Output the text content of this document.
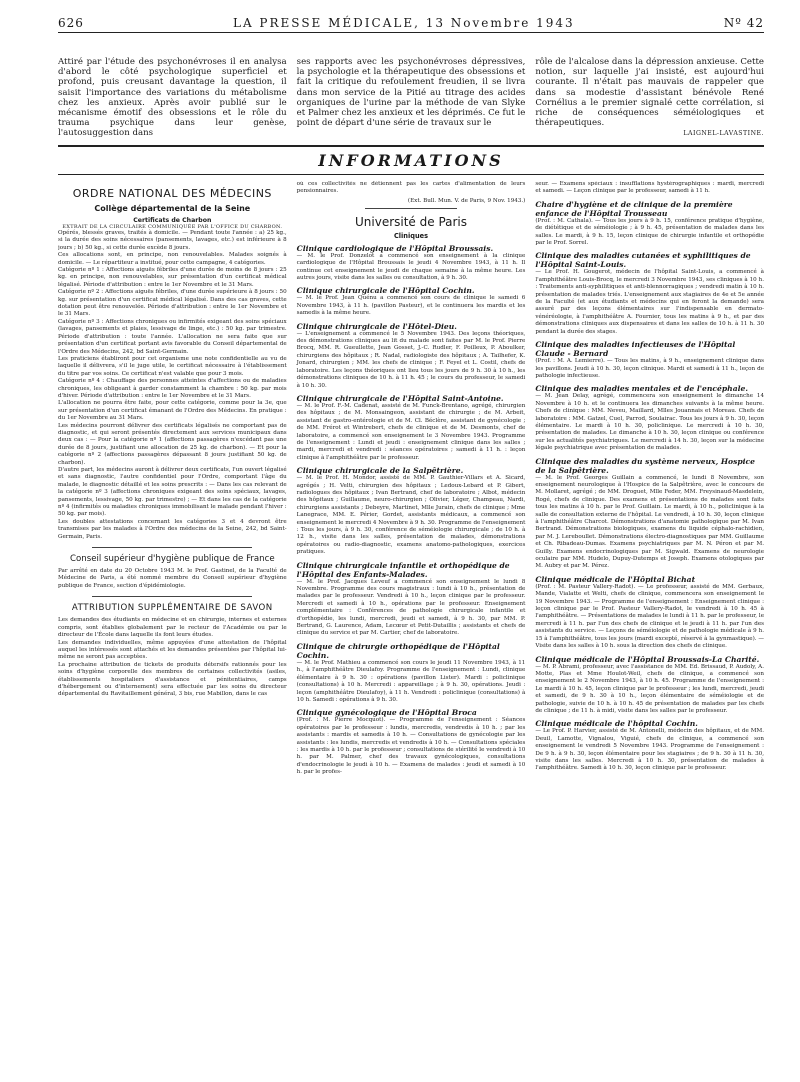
626	LA PRESSE MÉDICALE, 13 Novembre 1943	Nº 42

Attiré par l'étude des psychonévroses il en analysa d'abord le côté psychologique superficiel et profond, puis creusant davantage la question, il saisit l'importance des variations du métabolisme chez les anxieux. Après avoir publié sur le mécanisme émotif des obsessions et le rôle du trauma psychique dans leur genèse, l'autosuggestion dans

ses rapports avec les psychonévroses dépressives, la psychologie et la thérapeutique des obsessions et fait la critique du refoulement freudien, il se livra dans mon service de la Pitié au titrage des acides organiques de l'urine par la méthode de van Slyke et Palmer chez les anxieux et les déprimés. Ce fut le point de départ d'une série de travaux sur le

rôle de l'alcalose dans la dépression anxieuse. Cette notion, sur laquelle j'ai insisté, est aujourd'hui courante. Il n'était pas mauvais de rappeler que dans sa modestie d'assistant bénévole René Cornélius a le premier signalé cette corrélation, si riche de conséquences séméiologiques et thérapeutiques.

LAIGNEL-LAVASTINE.
INFORMATIONS
ORDRE NATIONAL DES MÉDECINS
Collège départemental de la Seine
Certificats de Charbon
EXTRAIT DE LA CIRCULAIRE COMMUNIQUÉE PAR L'OFFICE DU CHARBON.

Opérés, blessés graves, traités à domicile. — Pendant toute l'année : a) 25 kg., si la durée des soins nécessaires (pansements, lavages, etc.) est inférieure à 8 jours ; b) 50 kg., si cette durée excède 8 jours.

Ces allocations sont, en principe, non renouvelables. Malades soignés à domicile. — Le répartiteur a institué, pour cette campagne, 4 catégories.

Catégorie nº 1 : Affections aiguës fébriles d'une durée de moins de 8 jours : 25 kg. en principe, non renouvelables, sur présentation d'un certificat médical légalisé. Période d'attribution : entre le 1er Novembre et le 31 Mars.

Catégorie nº 2 : Affections aiguës fébriles, d'une durée supérieure à 8 jours : 50 kg. sur présentation d'un certificat médical légalisé. Dans des cas graves, cette dotation peut être renouvelée. Période d'attribution : entre le 1er Novembre et le 31 Mars.

Catégorie nº 3 : Affections chroniques ou infirmités exigeant des soins spéciaux (lavages, pansements et plaies, lessivage de linge, etc.) : 50 kg. par trimestre. Période d'attribution : toute l'année. L'allocation ne sera faite que sur présentation d'un certificat portant avis favorable du Conseil départemental de l'Ordre des Médecins, 242, bd Saint-Germain.

Les praticiens établiront pour cet organisme une note confidentielle au vu de laquelle il délivrera, s'il le juge utile, le certificat nécessaire à l'établissement du titre par vos soins. Ce certificat n'est valable que pour 3 mois.

Catégorie nº 4 : Chauffage des personnes atteintes d'affections ou de maladies chroniques, les obligeant à garder constamment la chambre : 50 kg. par mois d'hiver. Période d'attribution : entre le 1er Novembre et le 31 Mars.

L'allocation ne pourra être faite, pour cette catégorie, comme pour la 3e, que sur présentation d'un certificat émanant de l'Ordre des Médecins. En pratique : du 1er Novembre au 31 Mars.

Les médecins pourront délivrer des certificats légalisés ne comportant pas de diagnostic, et qui seront présentés directement aux services municipaux dans deux cas : — Pour la catégorie nº 1 (affections passagères n'excédant pas une durée de 8 jours, justifiant une allocation de 25 kg. de charbon). — Et pour la catégorie nº 2 (affections passagères dépassant 8 jours justifiant 50 kg. de charbon).

D'autre part, les médecins auront à délivrer deux certificats, l'un ouvert légalisé et sans diagnostic, l'autre confidentiel pour l'Ordre, comportant l'âge du malade, le diagnostic détaillé et les soins prescrits : — Dans les cas relevant de la catégorie nº 3 (affections chroniques exigeant des soins spéciaux, lavages, pansements, lessivage, 50 kg. par trimestre) ; — Et dans les cas de la catégorie nº 4 (infirmités ou maladies chroniques immobilisant le malade pendant l'hiver : 50 kg. par mois).

Les doubles attestations concernant les catégories 3 et 4 devront être transmises par les malades à l'Ordre des médecins de la Seine, 242, bd Saint-Germain, Paris.

Conseil supérieur d'hygiène publique de France

Par arrêté en date du 20 Octobre 1943 M. le Prof. Gastinel, de la Faculté de Médecine de Paris, a été nommé membre du Conseil supérieur d'hygiène publique de France, section d'épidémiologie.

ATTRIBUTION SUPPLÉMENTAIRE DE SAVON

Les demandes des étudiants en médecine et en chirurgie, internes et externes compris, sont établies globalement par le recteur de l'Académie ou par le directeur de l'École dans laquelle ils font leurs études.

Les demandes individuelles, même appuyées d'une attestation de l'hôpital auquel les intéressés sont attachés et les demandes présentées par l'hôpital lui-même ne seront pas acceptées.

La prochaine attribution de tickets de produits détersifs rationnés pour les soins d'hygiène corporelle des membres de certaines collectivités (asiles, établissements hospitaliers d'assistance et pénitentiaires, camps d'hébergement ou d'internement) sera effectuée par les soins du directeur départemental du Ravitaillement général, 3 bis, rue Mabillon, dans le cas

où ces collectivités ne détiennent pas les cartes d'alimentation de leurs pensionnaires.

(Ext. Bull. Mun. V. de Paris, 9 Nov. 1943.)
Université de Paris
Cliniques
Clinique cardiologique de l'Hôpital Broussais.

— M. le Prof. Donzelot a commencé son enseignement à la clinique cardiologique de l'Hôpital Broussais le jeudi 4 Novembre 1943, à 11 h. Il continue cet enseignement le jeudi de chaque semaine à la même heure. Les autres jours, visite dans les salles ou consultation, à 9 h. 30.

Clinique chirurgicale de l'Hôpital Cochin.

— M. le Prof. Jean Quénu a commencé son cours de clinique le samedi 6 Novembre 1943, à 11 h. (pavillon Pasteur), et le continuera les mardis et les samedis à la même heure.

Clinique chirurgicale de l'Hôtel-Dieu.

— L'enseignement a commencé le 5 Novembre 1943. Des leçons théoriques, des démonstrations cliniques au lit du malade sont faites par M. le Prof. Pierre Brocq, MM. R. Gueullette, Jean Gosset, J.-C. Rudler, F. Poilleux, P. Aboulker, chirurgiens des hôpitaux ; R. Nadal, radiologiste des hôpitaux ; A. Tailhefer, K. Jonard, chirurgien ; MM. les chefs de clinique ; F. Feyel et L. Costil, chefs de laboratoire. Les leçons théoriques ont lieu tous les jours de 9 h. 30 à 10 h., les démonstrations cliniques de 10 h. à 11 h. 45 ; le cours du professeur, le samedi à 10 h. 30.

Clinique chirurgicale de l'Hôpital Saint-Antoine.

— M. le Prof. F.-M. Cadenat, assisté de M. Funck-Brentano, agrégé, chirurgien des hôpitaux ; de M. Monsaingeon, assistant de chirurgie ; de M. Arbeit, assistant de gastro-entérologie et de M. Cl. Béclère, assistant de gynécologie ; de MM. Frérot et Wintrebert, chefs de clinique et de M. Desmonts, chef de laboratoire, a commencé son enseignement le 3 Novembre 1943. Programme de l'enseignement : Lundi et jeudi : enseignement clinique dans les salles ; mardi, mercredi et vendredi : séances opératoires ; samedi à 11 h. : leçon clinique à l'amphithéâtre par le professeur.

Clinique chirurgicale de la Salpêtrière.

— M. le Prof. H. Mondor, assisté de MM. P. Gauthier-Villars et A. Sicard, agrégés ; H. Velti, chirurgien des hôpitaux ; Ledoux-Lebard et P. Gibert, radiologues des hôpitaux ; Ivan Bertrand, chef de laboratoire ; Albot, médecin des hôpitaux ; Guillaume, neuro-chirurgien ; Olivier, Léger, Champeau, Nardi, chirurgiens assistants ; Debeyre, Martinet, Mlle Jurain, chefs de clinique ; Mme Lanegrace, MM. E. Périer, Gordet, assistants médicaux, a commencé son enseignement le mercredi 4 Novembre à 9 h. 30. Programme de l'enseignement : Tous les jours, à 9 h. 30, conférence de séméiologie chirurgicale ; de 10 h. à 12 h., visite dans les salles, présentation de malades, démonstrations opératoires ou radio-diagnostic, examens anatomo-pathologiques, exercices pratiques.

Clinique chirurgicale infantile et orthopédique de l'Hôpital des Enfants-Malades.

— M. le Prof. Jacques Leveuf a commencé son enseignement le lundi 8 Novembre. Programme des cours magistraux : lundi à 10 h., présentation de malades par le professeur. Vendredi à 10 h., leçon clinique par le professeur. Mercredi et samedi à 10 h., opérations par le professeur. Enseignement complémentaire : Conférences de pathologie chirurgicale infantile et d'orthopédie, les lundi, mercredi, jeudi et samedi, à 9 h. 30, par MM. P. Bertrand, G. Laurence, Adam, Lecœur et Petit-Dutaillis ; assistants et chefs de clinique du service et par M. Cartier, chef de laboratoire.

Clinique de chirurgie orthopédique de l'Hôpital Cochin.

— M. le Prof. Mathieu a commencé son cours le jeudi 11 Novembre 1943, à 11 h., à l'amphithéâtre Dieulafoy. Programme de l'enseignement : Lundi, clinique élémentaire à 9 h. 30 : opérations (pavillon Lister). Mardi : policlinique (consultations) à 10 h. Mercredi : appareillage ; à 9 h. 30, opérations. Jeudi : leçon (amphithéâtre Dieulafoy), à 11 h. Vendredi : policlinique (consultations) à 10 h. Samedi : opérations à 9 h. 30.

Clinique gynécologique de l'Hôpital Broca

(Prof. : M. Pierre Mocquot). — Programme de l'enseignement : Séances opératoires par le professeur : lundis, mercredis, vendredis à 10 h. ; par les assistants : mardis et samedis à 10 h. — Consultations de gynécologie par les assistants : les lundis, mercredis et vendredis à 10 h. — Consultations spéciales : les mardis à 10 h. par le professeur ; consultations de stérilité le vendredi à 10 h. par M. Palmer, chef des travaux gynécologiques, consultations d'endocrinologie le jeudi à 10 h. — Examens de malades : jeudi et samedi à 10 h. par le profes-

seur. — Examens spéciaux : insufflations hystérographiques : mardi, mercredi et samedi. — Leçon clinique par le professeur, samedi à 11 h.

Chaire d'hygiène et de clinique de la première enfance de l'Hôpital Trousseau

(Prof. : M. Cathala). — Tous les jours à 9 h. 15, conférence pratique d'hygiène, de diététique et de séméiologie ; à 9 h. 45, présentation de malades dans les salles. Le mardi, à 9 h. 15, leçon clinique de chirurgie infantile et orthopédie par le Prof. Sorrel.

Clinique des maladies cutanées et syphilitiques de l'Hôpital Saint-Louis.

— Le Prof. H. Gougerot, médecin de l'hôpital Saint-Louis, a commencé à l'amphithéâtre Louis-Brocq, le mercredi 3 Novembre 1943, ses cliniques à 10 h. : Traitements anti-syphilitiques et anti-blennorragiques ; vendredi matin à 10 h. présentation de malades triés. L'enseignement aux stagiaires de 4e et 5e année de la Faculté (et aux étudiants et médecins qui en feront la demande) sera assuré par des leçons élémentaires sur l'indispensable en dermato-vénéréologie, à l'amphithéâtre A. Fournier, tous les matins à 9 h., et par des démonstrations cliniques aux dispensaires et dans les salles de 10 h. à 11 h. 30 pendant la durée des stages.

Clinique des maladies infectieuses de l'Hôpital Claude - Bernard

(Prof. : M. A. Lemierre). — Tous les matins, à 9 h., enseignement clinique dans les pavillons. Jeudi à 10 h. 30, leçon clinique. Mardi et samedi à 11 h., leçon de pathologie infectieuse.

Clinique des maladies mentales et de l'encéphale.

— M. Jean Delay, agrégé, commencera son enseignement le dimanche 14 Novembre à 10 h. et le continuera les dimanches suivants à la même heure. Chefs de clinique : MM. Neveu, Maillard, Mlles Jouannais et Moreau. Chefs de laboratoire : MM. Gatzel, Cuel, Parrod, Soulairac. Tous les jours à 9 h. 30, leçon élémentaire. Le mardi à 10 h. 30, policlinique. Le mercredi à 10 h. 30, présentation de malades. Le dimanche à 10 h. 30, leçon clinique ou conférence sur les actualités psychiatriques. Le mercredi à 14 h. 30, leçon sur la médecine légale psychiatrique avec présentation de malades.

Clinique des maladies du système nerveux, Hospice de la Salpêtrière.

— M. le Prof. Georges Guillain a commencé, le lundi 8 Novembre, son enseignement neurologique à l'Hospice de la Salpêtrière, avec le concours de M. Mollaret, agrégé ; de MM. Droguet, Mlle Feder, MM. Freysinaud-Masdelein, Rogé, chefs de clinique. Des examens et présentations de malades sont faits tous les matins à 10 h. par le Prof. Guillain. Le mardi, à 10 h., policlinique à la salle de consultation externe de l'hôpital. Le vendredi, à 10 h. 30, leçon clinique à l'amphithéâtre Charcot. Démonstrations d'anatomie pathologique par M. Ivan Bertrand. Démonstrations biologiques, examens du liquide céphalo-rachidien, par M. J. Lereboullet. Démonstrations électro-diagnostiques par MM. Guillaume et Ch. Ribadeau-Dumas. Examens psychiatriques par M. N. Péron et par M. Guilly. Examens endocrinologiques par M. Sigwald. Examens de neurologie oculaire par MM. Hudelo, Dupuy-Dutemps et Joseph. Examens otologiques par M. Aubry et par M. Pérez.

Clinique médicale de l'Hôpital Bichat

(Prof. : M. Pasteur Vallery-Radot). — Le professeur, assisté de MM. Gerbaux, Mande, Vialatte et Welti, chefs de clinique, commencera son enseignement le 19 Novembre 1943. — Programme de l'enseignement : Enseignement clinique : leçon clinique par le Prof. Pasteur Vallery-Radot, le vendredi à 10 h. 45 à l'amphithéâtre. — Présentations de malades le lundi à 11 h. par le professeur, le mercredi à 11 h. par l'un des chefs de clinique et le jeudi à 11 h. par l'un des assistants du service. — Leçons de séméiologie et de pathologie médicale à 9 h. 15 à l'amphithéâtre, tous les jours (mardi excepté, réservé à la gynmastique). — Visite dans les salles à 10 h. sous la direction des chefs de clinique.

Clinique médicale de l'Hôpital Broussais-La Charité.

— M. P. Abrami, professeur, avec l'assistance de MM. Ed. Brissaud, P. Audoly, A. Motte, Plas et Mme Houlot-Weil, chefs de clinique, a commencé son enseignement le 2 Novembre 1943, à 10 h. 45. Programme de l'enseignement : Le mardi à 10 h. 45, leçon clinique par le professeur ; les lundi, mercredi, jeudi et samedi, de 9 h. 30 à 10 h., leçon élémentaire de séméiologie et de pathologie, suivie de 10 h. à 10 h. 45 de présentation de malades par les chefs de clinique ; de 11 h. à midi, visite dans les salles par le professeur.

Clinique médicale de l'hôpital Cochin.

— Le Prof. P. Harvier, assisté de M. Antonelli, médecin des hôpitaux, et de MM. Deuil, Lamotte, Vignalou, Viguié, chefs de clinique, a commencé son enseignement le vendredi 5 Novembre 1943. Programme de l'enseignement : De 9 h. à 9 h. 30, leçon élémentaire pour les stagiaires ; de 9 h. 30 à 11 h. 30, visite dans les salles. Mercredi à 10 h. 30, présentation de malades à l'amphithéâtre. Samedi à 10 h. 30, leçon clinique par le professeur.
